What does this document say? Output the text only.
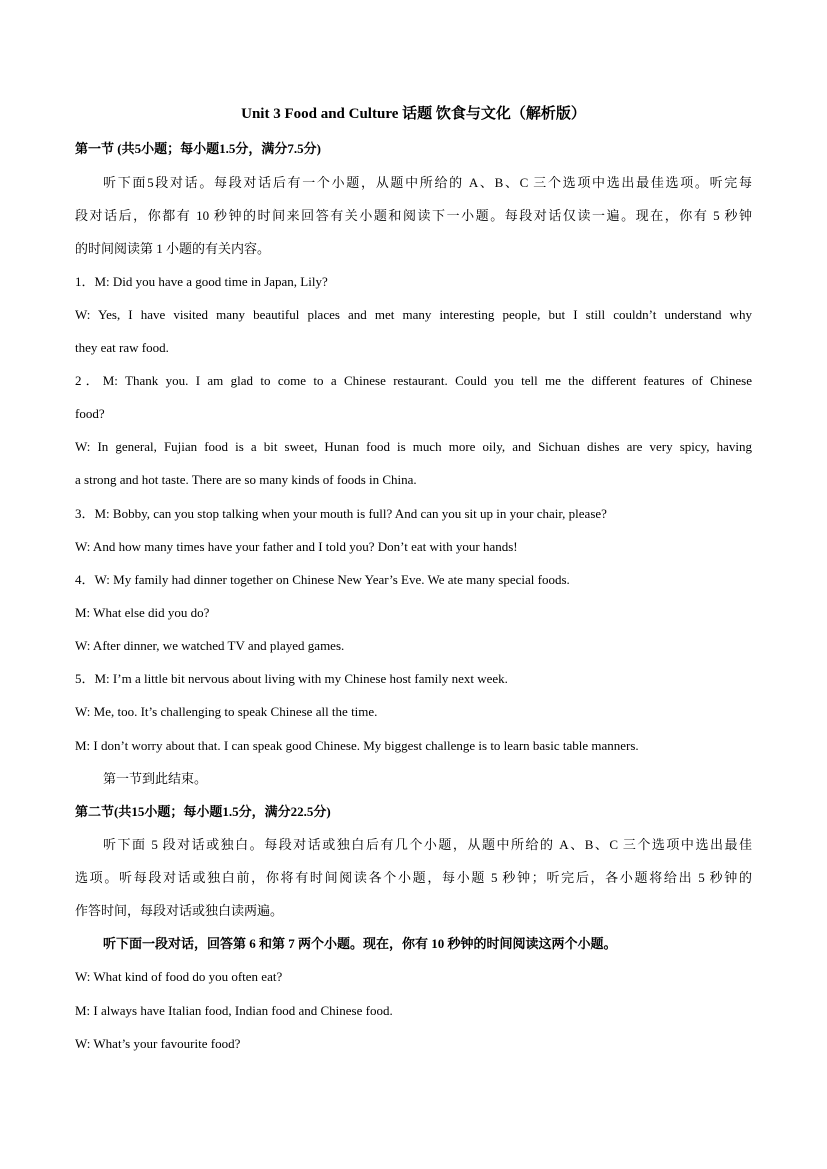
Unit 3 Food and Culture 话题 饮食与文化（解析版）
第一节 (共5小题；每小题1.5分，满分7.5分)
听下面5段对话。每段对话后有一个小题，从题中所给的 A、B、C 三个选项中选出最佳选项。听完每
段对话后，你都有 10 秒钟的时间来回答有关小题和阅读下一小题。每段对话仅读一遍。现在，你有 5 秒钟
的时间阅读第 1 小题的有关内容。
1．M: Did you have a good time in Japan, Lily?
W: Yes, I have visited many beautiful places and met many interesting people, but I still couldn’t understand why
they eat raw food.
2．M: Thank you. I am glad to come to a Chinese restaurant. Could you tell me the different features of Chinese
food?
W: In general, Fujian food is a bit sweet, Hunan food is much more oily, and Sichuan dishes are very spicy, having
a strong and hot taste. There are so many kinds of foods in China.
3．M: Bobby, can you stop talking when your mouth is full? And can you sit up in your chair, please?
W: And how many times have your father and I told you? Don’t eat with your hands!
4．W: My family had dinner together on Chinese New Year’s Eve. We ate many special foods.
M: What else did you do?
W: After dinner, we watched TV and played games.
5．M: I’m a little bit nervous about living with my Chinese host family next week.
W: Me, too. It’s challenging to speak Chinese all the time.
M: I don’t worry about that. I can speak good Chinese. My biggest challenge is to learn basic table manners.
第一节到此结束。
第二节(共15小题；每小题1.5分，满分22.5分)
听下面 5 段对话或独白。每段对话或独白后有几个小题，从题中所给的 A、B、C 三个选项中选出最佳
选项。听每段对话或独白前，你将有时间阅读各个小题，每小题 5 秒钟；听完后，各小题将给出 5 秒钟的
作答时间，每段对话或独白读两遍。
听下面一段对话，回答第 6 和第 7 两个小题。现在，你有 10 秒钟的时间阅读这两个小题。
W: What kind of food do you often eat?
M: I always have Italian food, Indian food and Chinese food.
W: What’s your favourite food?
